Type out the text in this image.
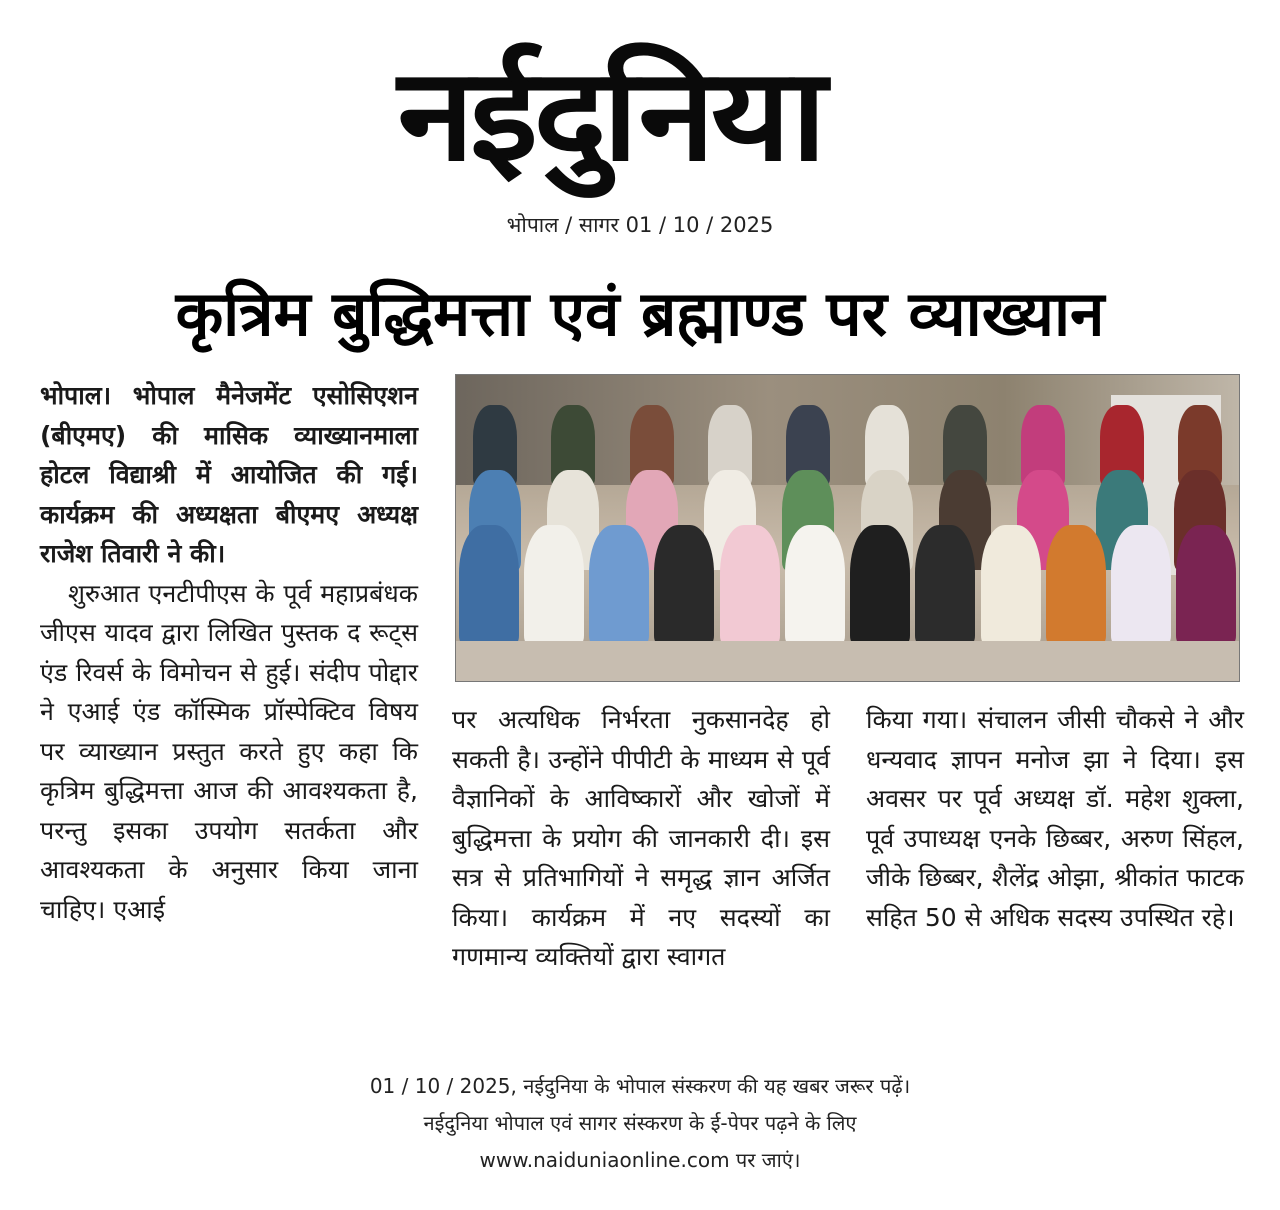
नईदुनिया
भोपाल / सागर 01 / 10 / 2025
कृत्रिम बुद्धिमत्ता एवं ब्रह्माण्ड पर व्याख्यान

भोपाल। भोपाल मैनेजमेंट एसोसिएशन (बीएमए) की मासिक व्याख्यानमाला होटल विद्याश्री में आयोजित की गई। कार्यक्रम की अध्यक्षता बीएमए अध्यक्ष राजेश तिवारी ने की।

शुरुआत एनटीपीएस के पूर्व महाप्रबंधक जीएस यादव द्वारा लिखित पुस्तक द रूट्स एंड रिवर्स के विमोचन से हुई। संदीप पोद्दार ने एआई एंड कॉस्मिक प्रॉस्पेक्टिव विषय पर व्याख्यान प्रस्तुत करते हुए कहा कि कृत्रिम बुद्धिमत्ता आज की आवश्यकता है, परन्तु इसका उपयोग सतर्कता और आवश्यकता के अनुसार किया जाना चाहिए। एआई

पर अत्यधिक निर्भरता नुकसानदेह हो सकती है। उन्होंने पीपीटी के माध्यम से पूर्व वैज्ञानिकों के आविष्कारों और खोजों में बुद्धिमत्ता के प्रयोग की जानकारी दी। इस सत्र से प्रतिभागियों ने समृद्ध ज्ञान अर्जित किया। कार्यक्रम में नए सदस्यों का गणमान्य व्यक्तियों द्वारा स्वागत

किया गया। संचालन जीसी चौकसे ने और धन्यवाद ज्ञापन मनोज झा ने दिया। इस अवसर पर पूर्व अध्यक्ष डॉ. महेश शुक्ला, पूर्व उपाध्यक्ष एनके छिब्बर, अरुण सिंहल, जीके छिब्बर, शैलेंद्र ओझा, श्रीकांत फाटक सहित 50 से अधिक सदस्य उपस्थित रहे।

01 / 10 / 2025, नईदुनिया के भोपाल संस्करण की यह खबर जरूर पढ़ें।
नईदुनिया भोपाल एवं सागर संस्करण के ई-पेपर पढ़ने के लिए
www.naiduniaonline.com पर जाएं।
